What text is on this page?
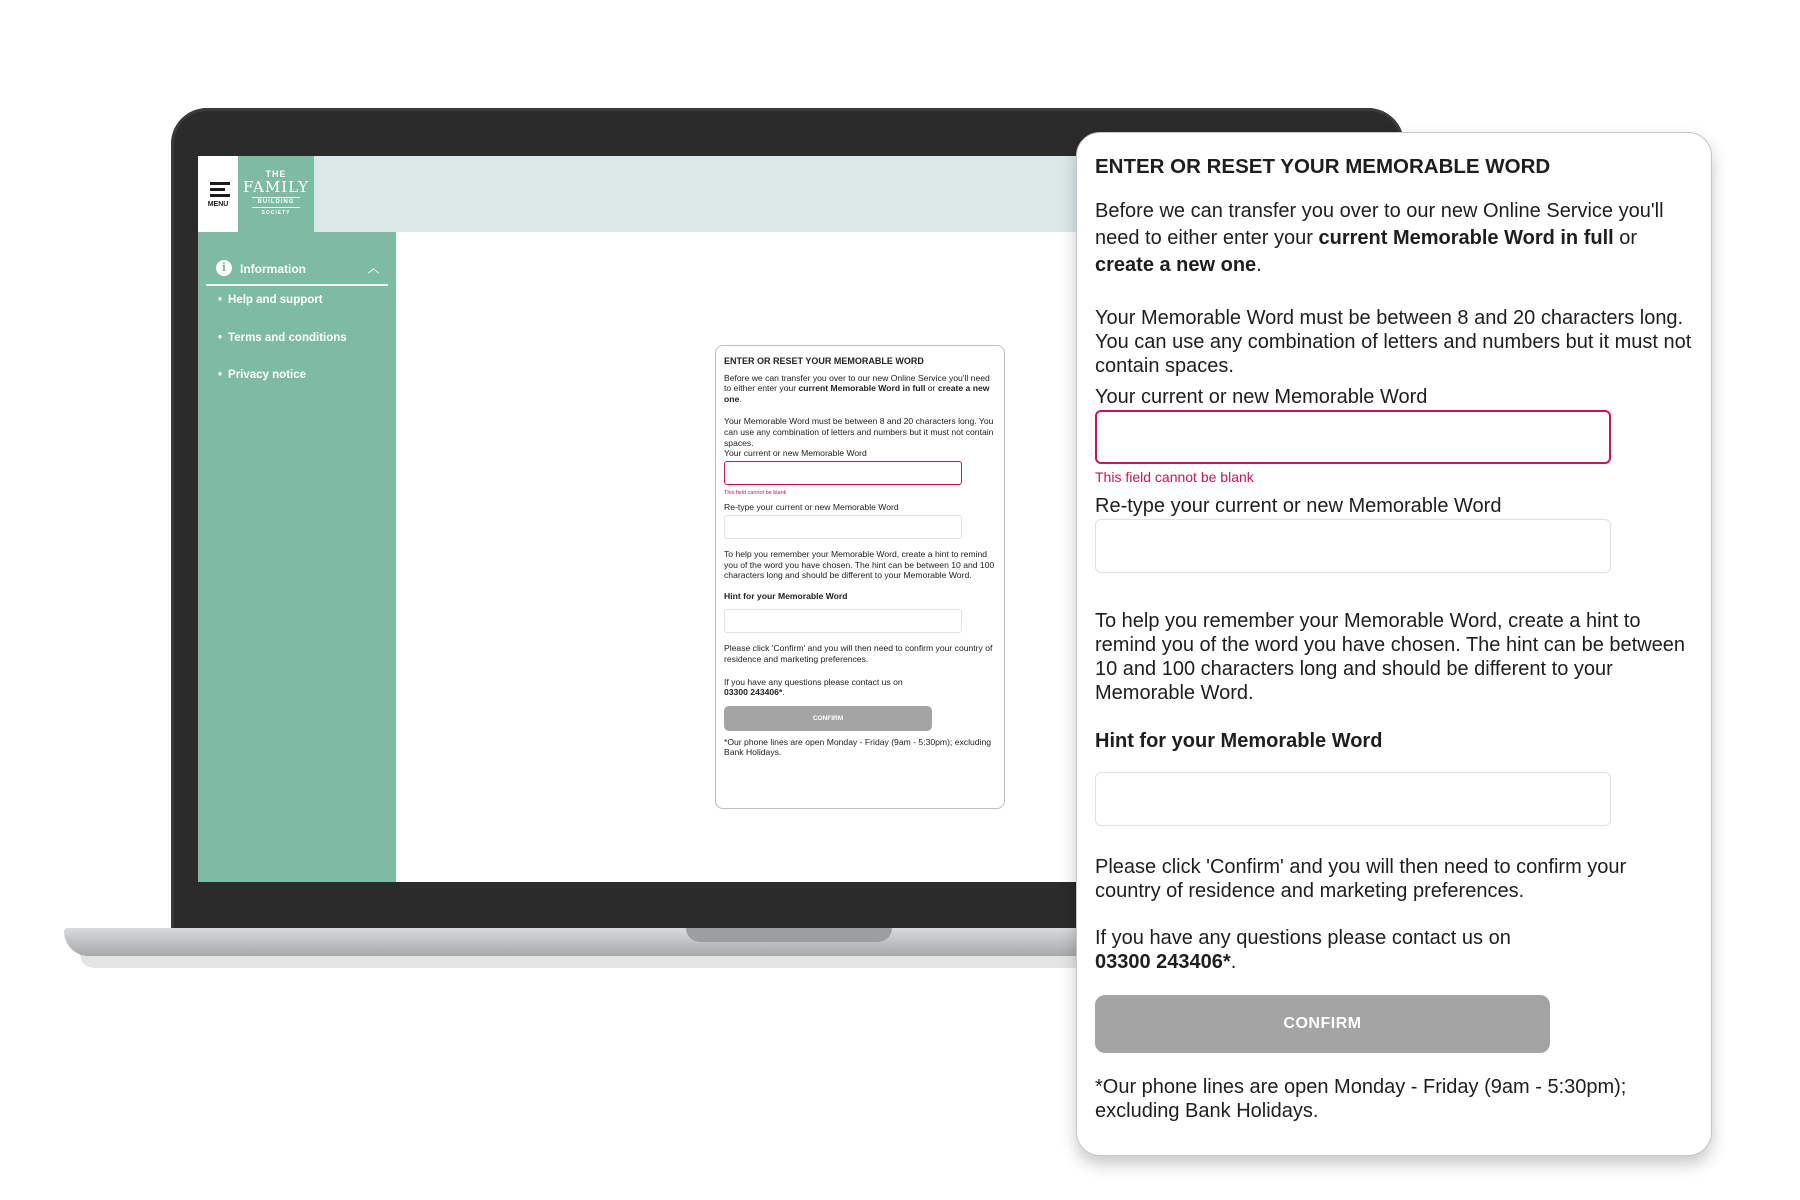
MENU
THE
FAMILY
BUILDING
SOCIETY
i	Information	︿
• Help and support
• Terms and conditions
• Privacy notice
ENTER OR RESET YOUR MEMORABLE WORD

Before we can transfer you over to our new Online Service you'll need to either enter your current Memorable Word in full or create a new one.

Your Memorable Word must be between 8 and 20 characters long. You can use any combination of letters and numbers but it must not contain spaces.

Your current or new Memorable Word
This field cannot be blank
Re-type your current or new Memorable Word

To help you remember your Memorable Word, create a hint to remind you of the word you have chosen. The hint can be between 10 and 100 characters long and should be different to your Memorable Word.

Hint for your Memorable Word

Please click 'Confirm' and you will then need to confirm your country of residence and marketing preferences.

If you have any questions please contact us on
03300 243406*.

CONFIRM

*Our phone lines are open Monday - Friday (9am - 5:30pm); excluding Bank Holidays.

ENTER OR RESET YOUR MEMORABLE WORD

Before we can transfer you over to our new Online Service you'll need to either enter your current Memorable Word in full or create a new one.

Your Memorable Word must be between 8 and 20 characters long. You can use any combination of letters and numbers but it must not contain spaces.

Your current or new Memorable Word
This field cannot be blank
Re-type your current or new Memorable Word

To help you remember your Memorable Word, create a hint to remind you of the word you have chosen. The hint can be between 10 and 100 characters long and should be different to your Memorable Word.

Hint for your Memorable Word

Please click 'Confirm' and you will then need to confirm your country of residence and marketing preferences.

If you have any questions please contact us on
03300 243406*.

CONFIRM

*Our phone lines are open Monday - Friday (9am - 5:30pm); excluding Bank Holidays.
